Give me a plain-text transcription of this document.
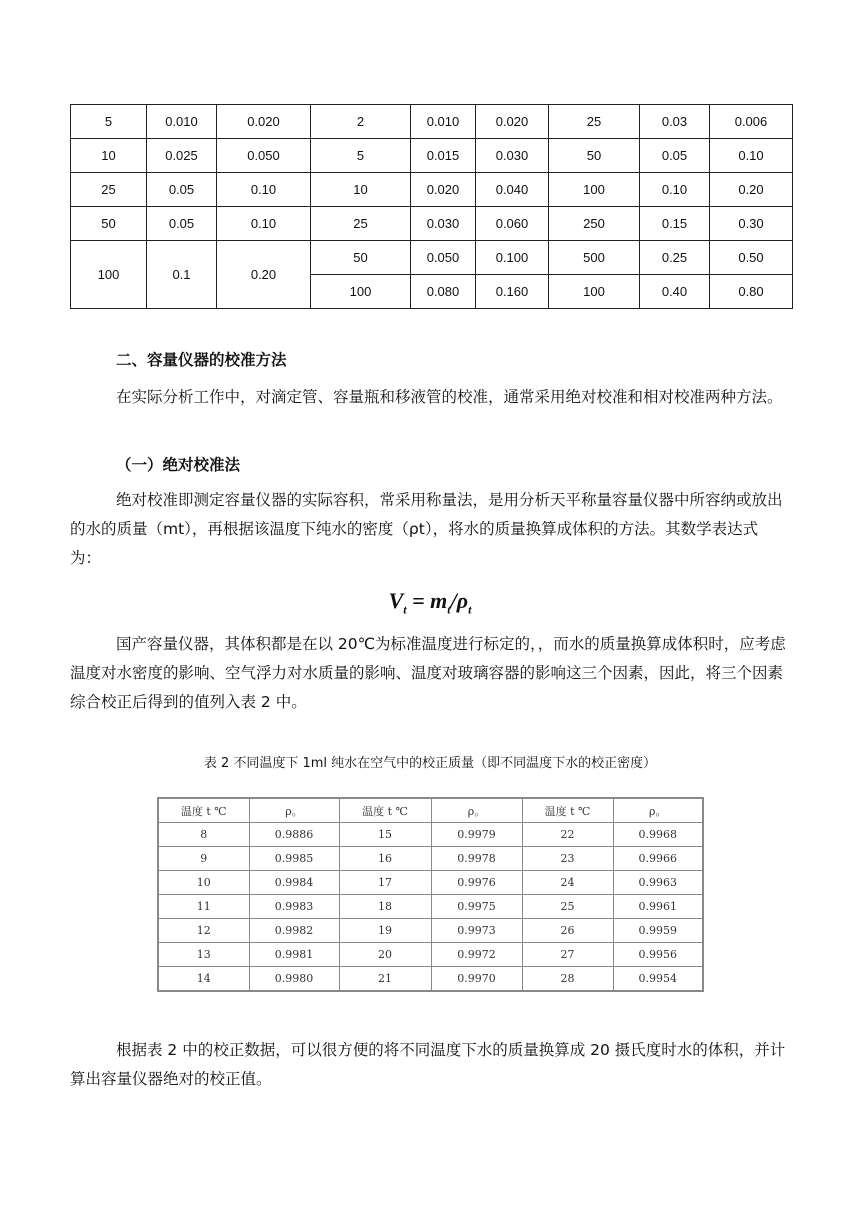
5	0.010	0.020	2	0.010	0.020	25	0.03	0.006
10	0.025	0.050	5	0.015	0.030	50	0.05	0.10
25	0.05	0.10	10	0.020	0.040	100	0.10	0.20
50	0.05	0.10	25	0.030	0.060	250	0.15	0.30
100	0.1	0.20	50	0.050	0.100	500	0.25	0.50
			100	0.080	0.160	100	0.40	0.80
二、容量仪器的校准方法
在实际分析工作中，对滴定管、容量瓶和移液管的校准，通常采用绝对校准和相对校准两种方法。
（一）绝对校准法
绝对校准即测定容量仪器的实际容积，常采用称量法，是用分析天平称量容量仪器中所容纳或放出的水的质量（mt），再根据该温度下纯水的密度（ρt），将水的质量换算成体积的方法。其数学表达式为：
$V_t = m_t/\rho_t$
国产容量仪器，其体积都是在以 20℃为标准温度进行标定的，，而水的质量换算成体积时，应考虑温度对水密度的影响、空气浮力对水质量的影响、温度对玻璃容器的影响这三个因素，因此，将三个因素综合校正后得到的值列入表 2 中。
表 2 不同温度下 1ml 纯水在空气中的校正质量（即不同温度下水的校正密度）
温度 t ℃	ρ。	温度 t ℃	ρ。	温度 t ℃	ρ。
8	0.9886	15	0.9979	22	0.9968
9	0.9985	16	0.9978	23	0.9966
10	0.9984	17	0.9976	24	0.9963
11	0.9983	18	0.9975	25	0.9961
12	0.9982	19	0.9973	26	0.9959
13	0.9981	20	0.9972	27	0.9956
14	0.9980	21	0.9970	28	0.9954
根据表 2 中的校正数据，可以很方便的将不同温度下水的质量换算成 20 摄氏度时水的体积，并计算出容量仪器绝对的校正值。
